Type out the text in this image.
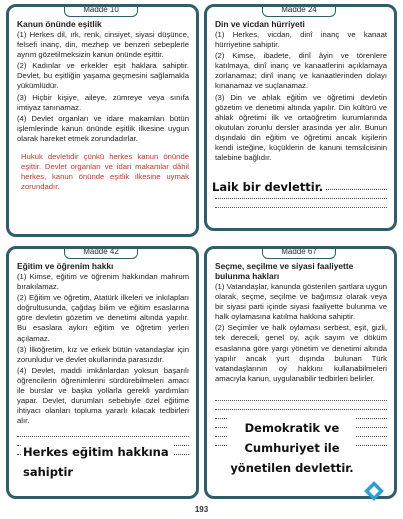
Madde 10
Kanun önünde eşitlik

(1) Herkes dil, ırk, renk, cinsiyet, siyasi düşünce, felsefi inanç, din, mezhep ve benzeri sebeplerle ayrım gözetilmeksizin kanun önünde eşittir.

(2) Kadınlar ve erkekler eşit haklara sahiptir. Devlet, bu eşitliğin yaşama geçmesini sağlamakla yükümlüdür.

(3) Hiçbir kişiye, aileye, zümreye veya sınıfa imtiyaz tanınamaz.

(4) Devlet organları ve idare makamları bütün işlemlerinde kanun önünde eşitlik ilkesine uygun olarak hareket etmek zorundadırlar.

Hukuk devletidir çünkü herkes kanun önünde eşittir. Devlet organları ve idari makamlar dâhil herkes, kanun önünde eşitlik ilkesine uymak zorundadır.
Madde 24
Din ve vicdan hürriyeti

(1) Herkes, vicdan, dinî inanç ve kanaat hürriyetine sahiptir.

(2) Kimse, ibadete, dinî âyin ve törenlere katılmaya, dinî inanç ve kanaatlerini açıklamaya zorlanamaz; dinî inanç ve kanaatlerinden dolayı kınanamaz ve suçlanamaz.

(3) Din ve ahlak eğitim ve öğretimi devletin gözetim ve denetimi altında yapılır. Din kültürü ve ahlak öğretimi ilk ve ortaöğretim kurumlarında okutulan zorunlu dersler arasında yer alır. Bunun dışındaki din eğitim ve öğretimi ancak kişilerin kendi isteğine, küçüklerin de kanuni temsilcisinin talebine bağlıdır.

Laik bir devlettir.
Madde 42
Eğitim ve öğrenim hakkı

(1) Kimse, eğitim ve öğrenim hakkından mahrum bırakılamaz.

(2) Eğitim ve öğretim, Atatürk ilkeleri ve inkılapları doğrultusunda, çağdaş bilim ve eğitim esaslarına göre devletin gözetim ve denetimi altında yapılır. Bu esaslara aykırı eğitim ve öğretim yerleri açılamaz.

(3) İlköğretim, kız ve erkek bütün vatandaşlar için zorunludur ve devlet okullarında parasızdır.

(4) Devlet, maddi imkânlardan yoksun başarılı öğrencilerin öğrenimlerini sürdürebilmeleri amacı ile burslar ve başka yollarla gerekli yardımları yapar. Devlet, durumları sebebiyle özel eğitime ihtiyacı olanları topluma yararlı kılacak tedbirleri alır.

Herkes eğitim hakkına sahiptir
Madde 67
Seçme, seçilme ve siyasi faaliyette bulunma hakları

(1) Vatandaşlar, kanunda gösterilen şartlara uygun olarak, seçme, seçilme ve bağımsız olarak veya bir siyasi parti içinde siyasi faaliyette bulunma ve halk oylamasına katılma hakkına sahiptir.

(2) Seçimler ve halk oylaması serbest, eşit, gizli, tek dereceli, genel oy, açık sayım ve döküm esaslarına göre yargı yönetim ve denetimi altında yapılır ancak yurt dışında bulunan Türk vatandaşlarının oy hakkını kullanabilmeleri amacıyla kanun, uygulanabilir tedbirleri belirler.

Demokratik ve Cumhuriyet ile yönetilen devlettir.
193
